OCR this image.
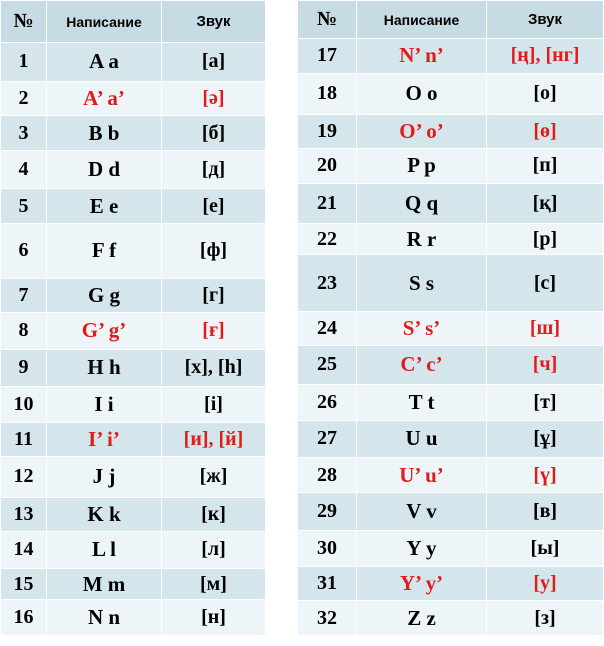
№	Написание	Звук
1	A a	[а]
2	A’ a’	[ә]
3	B b	[б]
4	D d	[д]
5	E e	[е]
6	F f	[ф]
7	G g	[г]
8	G’ g’	[ғ]
9	H h	[х], [h]
10	I i	[і]
11	I’ i’	[и], [й]
12	J j	[ж]
13	K k	[к]
14	L l	[л]
15	M m	[м]
16	N n	[н]
№	Написание	Звук
17	N’ n’	[ң], [нг]
18	O o	[о]
19	O’ o’	[ө]
20	P p	[п]
21	Q q	[қ]
22	R r	[р]
23	S s	[с]
24	S’ s’	[ш]
25	C’ c’	[ч]
26	T t	[т]
27	U u	[ұ]
28	U’ u’	[ү]
29	V v	[в]
30	Y y	[ы]
31	Y’ y’	[у]
32	Z z	[з]
